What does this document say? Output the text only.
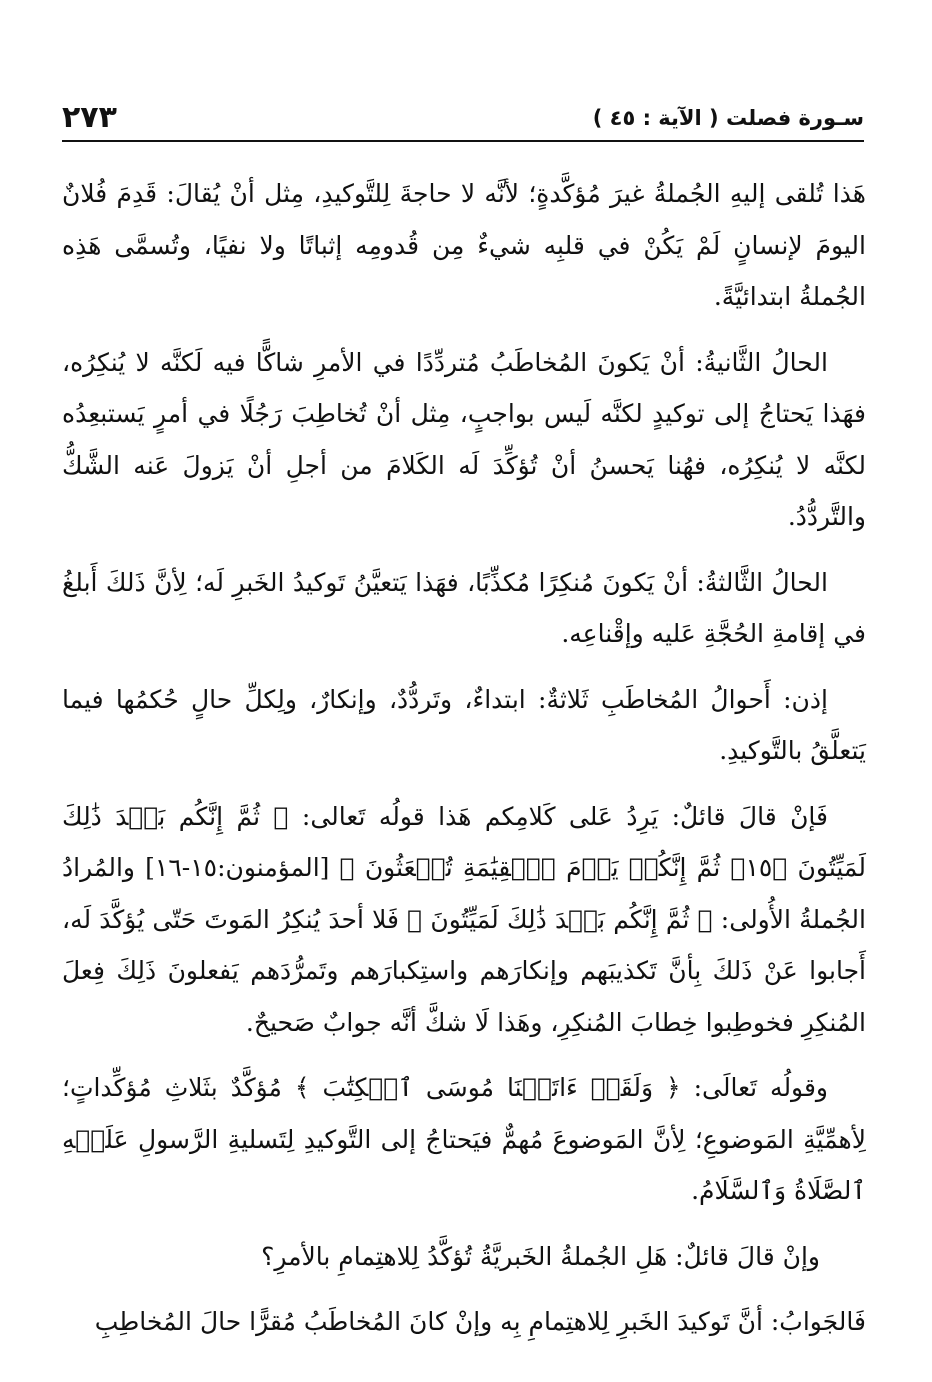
٢٧٣	سـورة فصلت ( الآية : ٤٥ )

هَذا تُلقى إليهِ الجُملةُ غيرَ مُؤكَّدةٍ؛ لأنَّه لا حاجةَ لِلتَّوكيدِ، مِثل أنْ يُقالَ: قَدِمَ فُلانٌ اليومَ لإنسانٍ لَمْ يَكُنْ في قلبِه شيءٌ مِن قُدومِه إثباتًا ولا نفيًا، وتُسمَّى هَذِه الجُملةُ ابتدائيَّةً.

الحالُ الثَّانيةُ: أنْ يَكونَ المُخاطَبُ مُتردِّدًا في الأمرِ شاكًّا فيه لَكنَّه لا يُنكِرُه، فهَذا يَحتاجُ إلى توكيدٍ لكنَّه لَيس بواجبٍ، مِثل أنْ تُخاطِبَ رَجُلًا في أمرٍ يَستبعِدُه لكنَّه لا يُنكِرُه، فهُنا يَحسنُ أنْ تُؤكِّدَ لَه الكَلامَ من أجلِ أنْ يَزولَ عَنه الشَّكُّ والتَّردُّدُ.

الحالُ الثَّالثةُ: أنْ يَكونَ مُنكِرًا مُكذِّبًا، فهَذا يَتعيَّنُ تَوكيدُ الخَبرِ لَه؛ لِأنَّ ذَلكَ أَبلغُ في إقامةِ الحُجَّةِ عَليه وإقْناعِه.

إذن: أَحوالُ المُخاطَبِ ثَلاثةٌ: ابتداءٌ، وتَردُّدٌ، وإنكارٌ، ولِكلِّ حالٍ حُكمُها فيما يَتعلَّقُ بالتَّوكيدِ.

فَإنْ قالَ قائلٌ: يَرِدُ عَلى كَلامِكم هَذا قولُه تَعالى: ﴿ ثُمَّ إِنَّكُم بَعۡدَ ذَٰلِكَ لَمَيِّتُونَ ﴿١٥﴾ ثُمَّ إِنَّكُمۡ يَوۡمَ ٱلۡقِيَٰمَةِ تُبۡعَثُونَ ﴾ [المؤمنون:١٥-١٦] والمُرادُ الجُملةُ الأُولى: ﴿ ثُمَّ إِنَّكُم بَعۡدَ ذَٰلِكَ لَمَيِّتُونَ ﴾ فَلا أحدَ يُنكِرُ المَوتَ حَتّى يُؤكَّدَ لَه، أَجابوا عَنْ ذَلكَ بِأنَّ تَكذيبَهم وإنكارَهم واستِكبارَهم وتَمرُّدَهم يَفعلونَ ذَلِكَ فِعلَ المُنكِرِ فخوطِبوا خِطابَ المُنكِرِ، وهَذا لَا شكَّ أنَّه جوابٌ صَحيحٌ.

وقولُه تَعالَى: ﴿ وَلَقَدۡ ءَاتَيۡنَا مُوسَى ٱلۡكِتَٰبَ ﴾ مُؤكَّدٌ بثَلاثِ مُؤكِّداتٍ؛ لِأهمِّيَّةِ المَوضوعِ؛ لِأنَّ المَوضوعَ مُهمٌّ فيَحتاجُ إلى التَّوكيدِ لِتَسليةِ الرَّسولِ عَلَيۡهِ ٱلصَّلَاةُ وَٱلسَّلَامُ.

وإنْ قالَ قائلٌ: هَلِ الجُملةُ الخَبريَّةُ تُؤكَّدُ لِلاهتِمامِ بالأمرِ؟

فَالجَوابُ: أنَّ تَوكيدَ الخَبرِ لِلاهتِمامِ بِه وإنْ كانَ المُخاطَبُ مُقرًّا حالَ المُخاطِبِ
